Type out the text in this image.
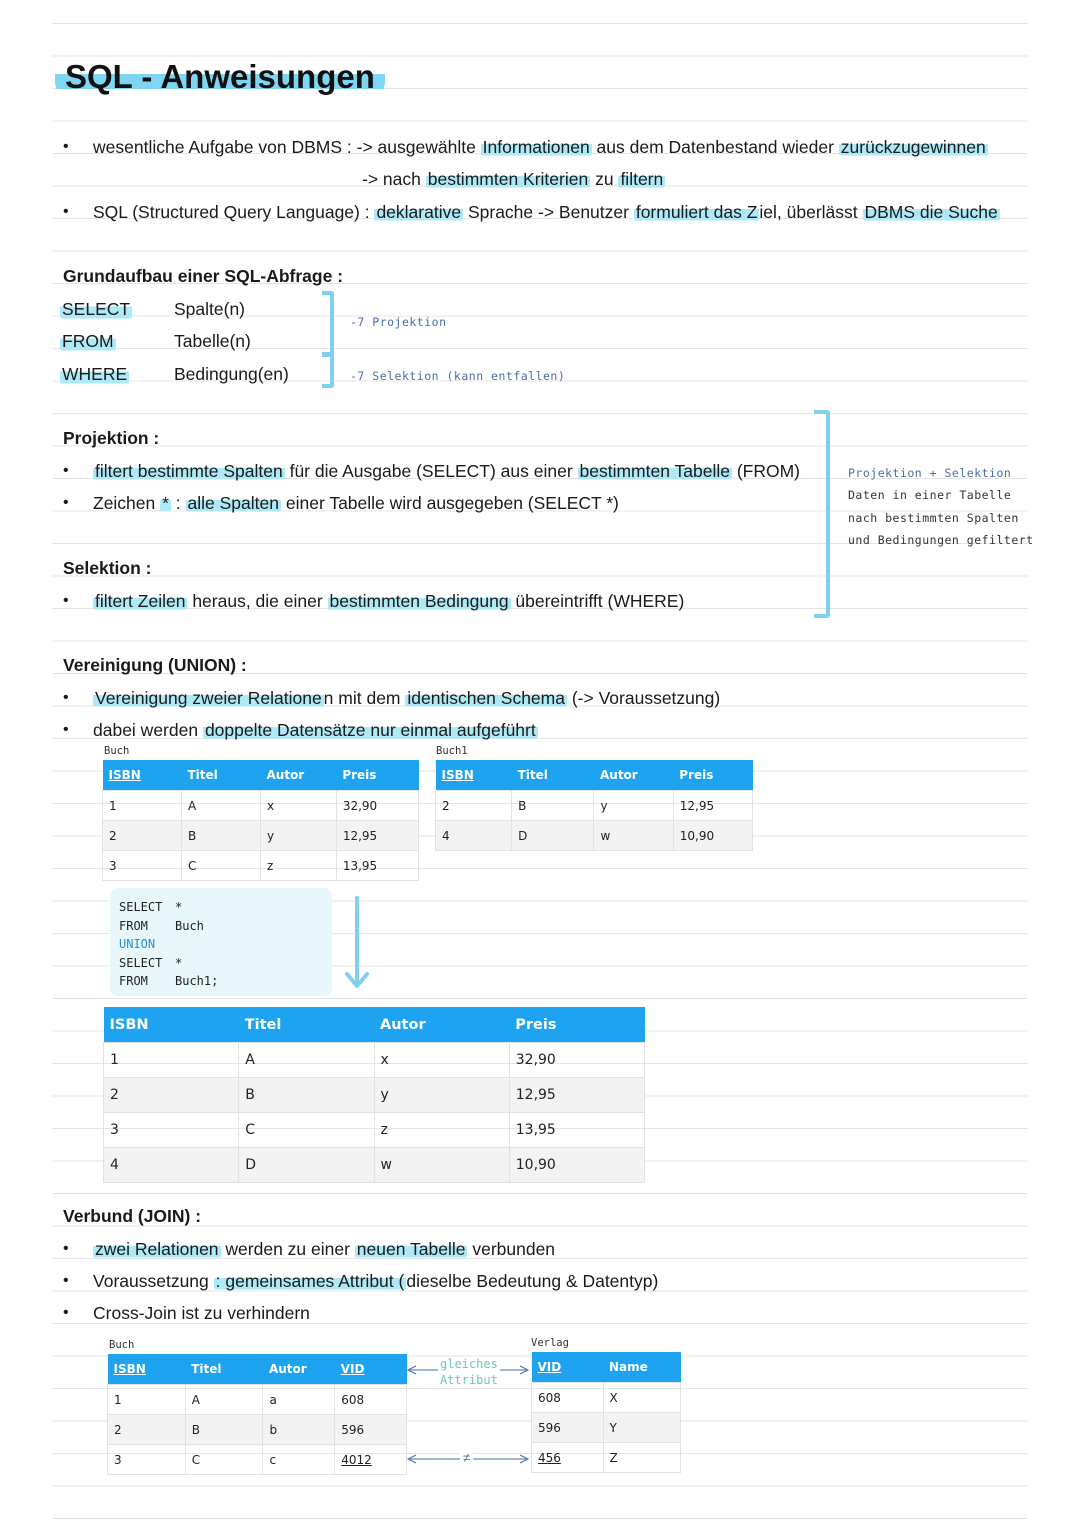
SQL - Anweisungen
• wesentliche Aufgabe von DBMS : -> ausgewählte Informationen aus dem Datenbestand wieder zurückzugewinnen
-> nach bestimmten Kriterien zu filtern
• SQL (Structured Query Language) : deklarative Sprache -> Benutzer formuliert das Z iel, überlässt DBMS die Suche
Grundaufbau einer SQL-Abfrage :
SELECT	Spalte(n)
FROM	Tabelle(n)
WHERE	Bedingung(en)
-7 Projektion
-7 Selektion (kann entfallen)
Projektion :
• filtert bestimmte Spalten für die Ausgabe (SELECT) aus einer bestimmten Tabelle (FROM)
• Zeichen * : alle Spalten einer Tabelle wird ausgegeben (SELECT *)
Selektion :
• filtert Zeilen heraus, die einer bestimmten Bedingung übereintrifft (WHERE)
Projektion + Selektion
Daten in einer Tabelle
nach bestimmten Spalten
und Bedingungen gefiltert
Vereinigung (UNION) :
• Vereinigung zweier Relatione n mit dem identischen Schema (-> Voraussetzung)
• dabei werden doppelte Datensätze nur einmal aufgeführt
Buch
ISBN	Titel	Autor	Preis
1	A	x	32,90
2	B	y	12,95
3	C	z	13,95
Buch1
ISBN	Titel	Autor	Preis
2	B	y	12,95
4	D	w	10,90
SELECT *
FROM Buch
UNION
SELECT *
FROM Buch1;
ISBN	Titel	Autor	Preis
1	A	x	32,90
2	B	y	12,95
3	C	z	13,95
4	D	w	10,90
Verbund (JOIN) :
• zwei Relationen werden zu einer neuen Tabelle verbunden
• Voraussetzung : gemeinsames Attribut ( dieselbe Bedeutung & Datentyp)
• Cross-Join ist zu verhindern
Buch
ISBN	Titel	Autor	VID
1	A	a	608
2	B	b	596
3	C	c	4012
Verlag
VID	Name
608	X
596	Y
456	Z
gleiches
Attribut
≠
